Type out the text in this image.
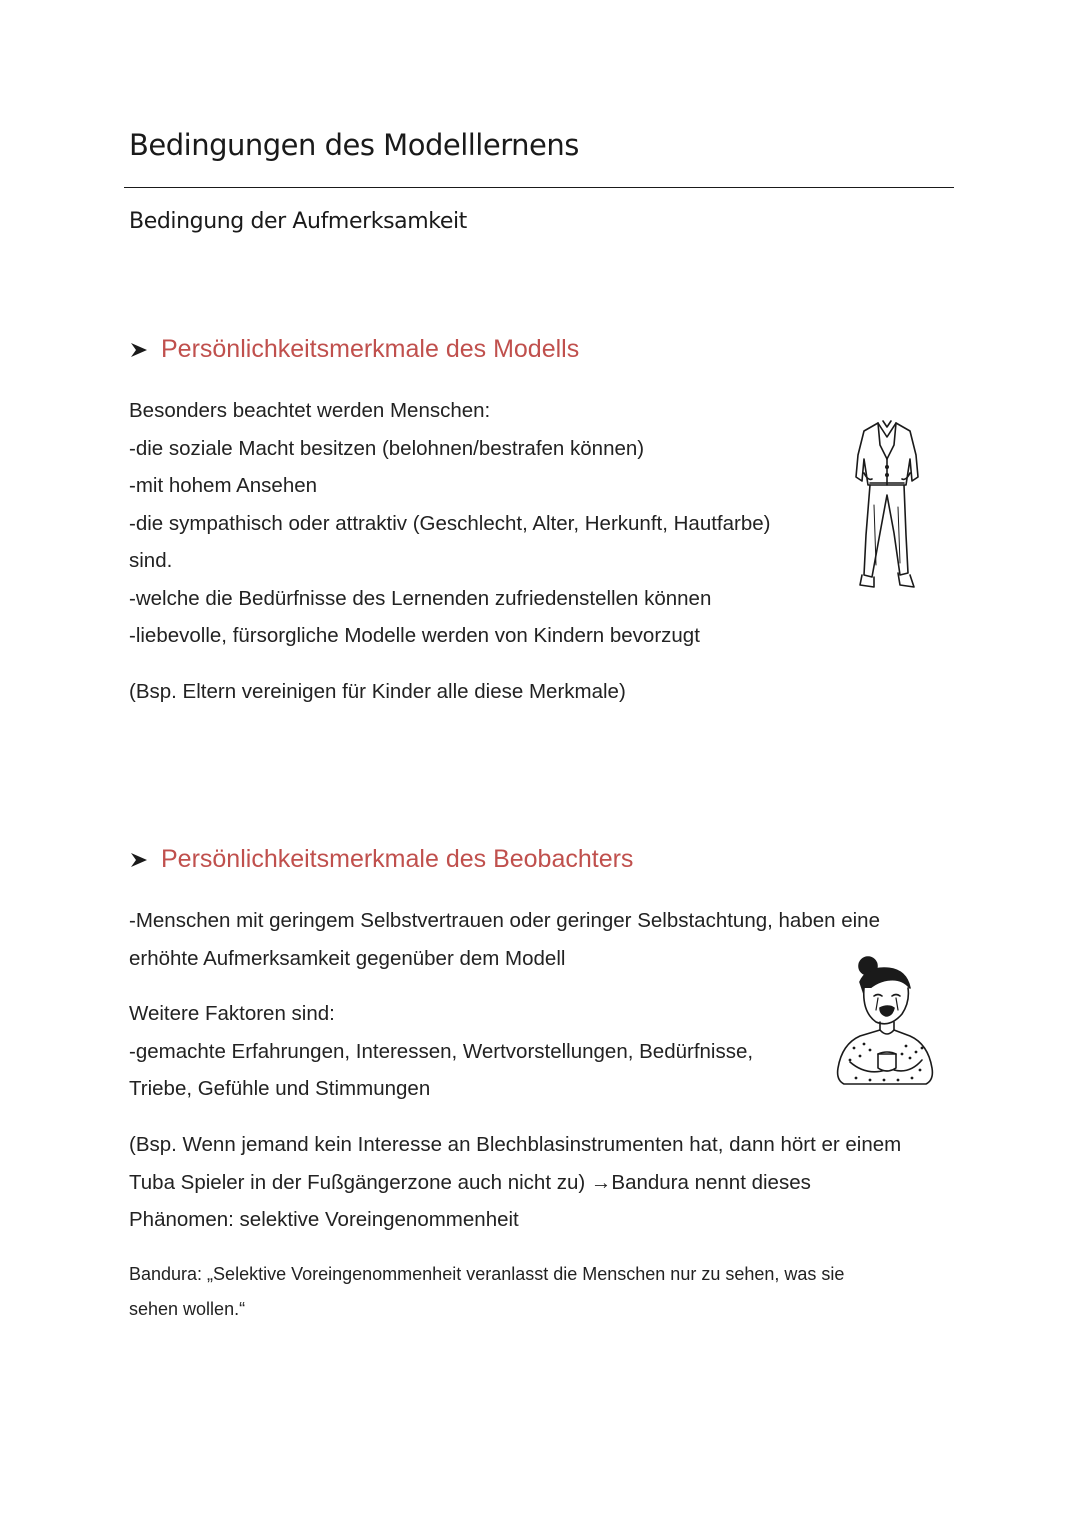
Bedingungen des Modelllernens
Bedingung der Aufmerksamkeit
Persönlichkeitsmerkmale des Modells

Besonders beachtet werden Menschen:

-die soziale Macht besitzen (belohnen/bestrafen können)

-mit hohem Ansehen

-die sympathisch oder attraktiv (Geschlecht, Alter, Herkunft, Hautfarbe)

sind.

-welche die Bedürfnisse des Lernenden zufriedenstellen können

-liebevolle, fürsorgliche Modelle werden von Kindern bevorzugt

(Bsp. Eltern vereinigen für Kinder alle diese Merkmale)

Persönlichkeitsmerkmale des Beobachters

-Menschen mit geringem Selbstvertrauen oder geringer Selbstachtung, haben eine

erhöhte Aufmerksamkeit gegenüber dem Modell

Weitere Faktoren sind:

-gemachte Erfahrungen, Interessen, Wertvorstellungen, Bedürfnisse,

Triebe, Gefühle und Stimmungen

(Bsp. Wenn jemand kein Interesse an Blechblasinstrumenten hat, dann hört er einem

Tuba Spieler in der Fußgängerzone auch nicht zu) →Bandura nennt dieses

Phänomen: selektive Voreingenommenheit

Bandura: „Selektive Voreingenommenheit veranlasst die Menschen nur zu sehen, was sie

sehen wollen.“
